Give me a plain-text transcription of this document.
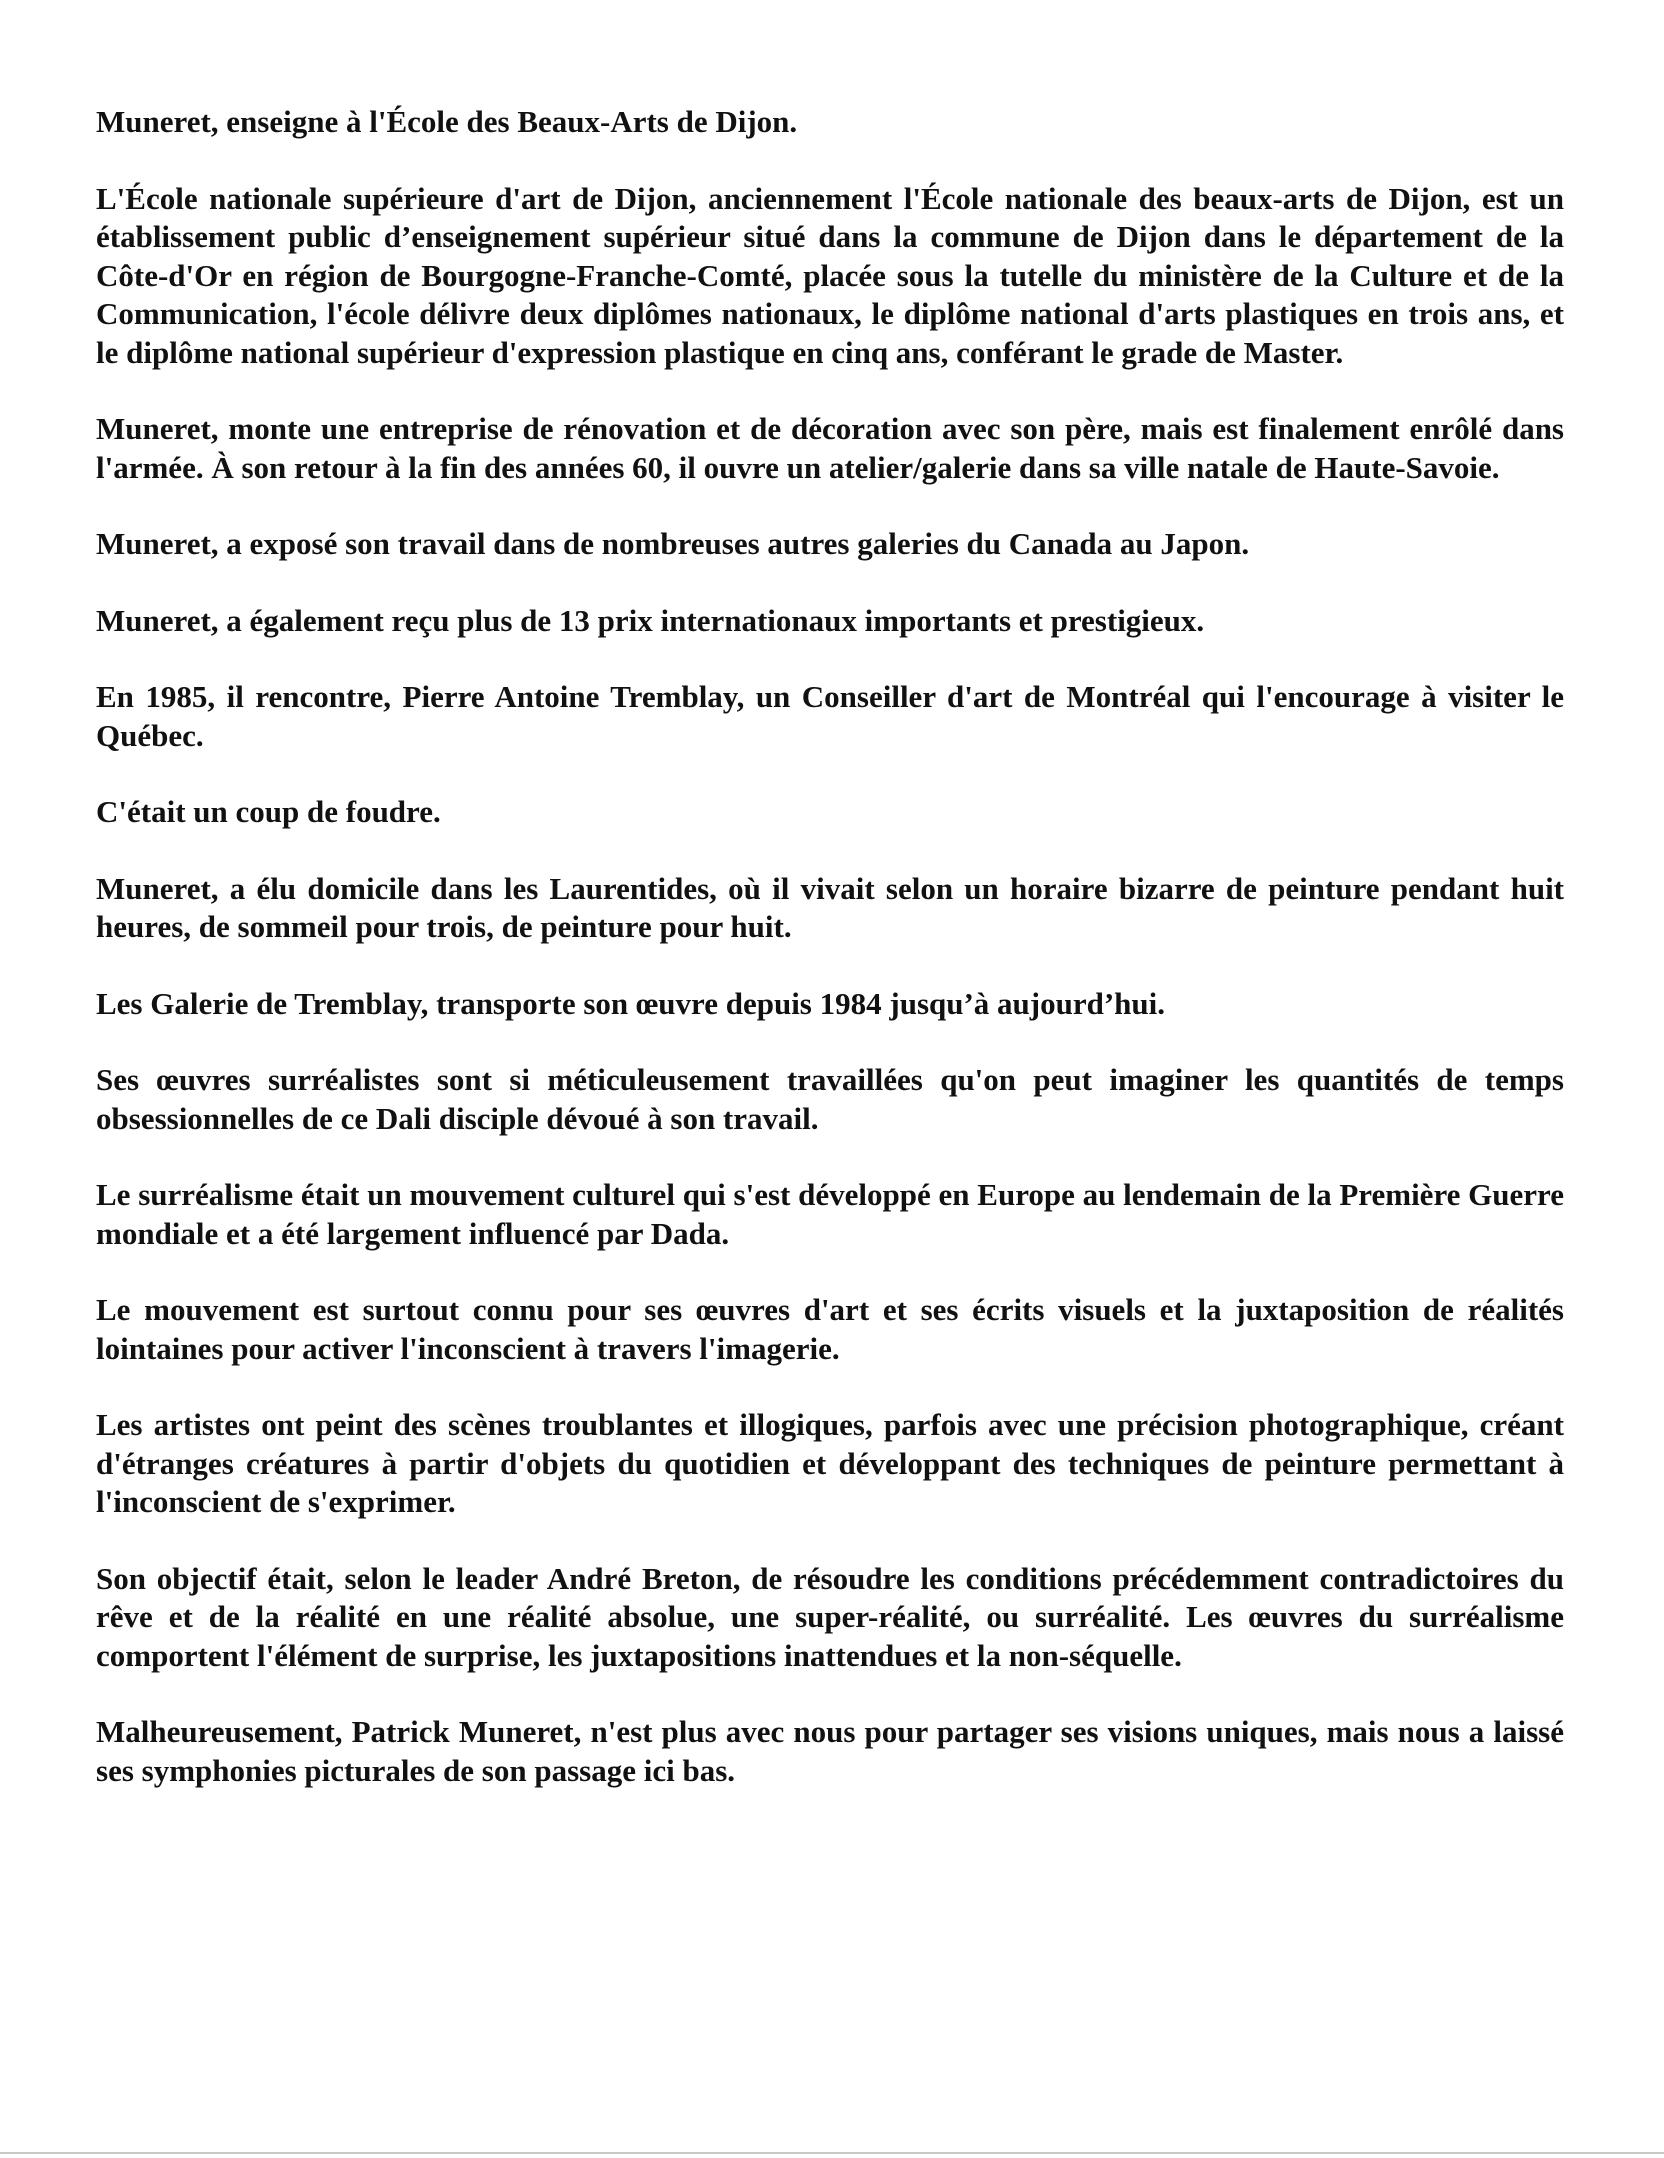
Muneret, enseigne à l'École des Beaux-Arts de Dijon.

L'École nationale supérieure d'art de Dijon, anciennement l'École nationale des beaux-arts de Dijon, est un établissement public d’enseignement supérieur situé dans la commune de Dijon dans le département de la Côte-d'Or en région de Bourgogne-Franche-Comté, placée sous la tutelle du ministère de la Culture et de la Communication, l'école délivre deux diplômes nationaux, le diplôme national d'arts plastiques en trois ans, et le diplôme national supérieur d'expression plastique en cinq ans, conférant le grade de Master.

Muneret, monte une entreprise de rénovation et de décoration avec son père, mais est finalement enrôlé dans l'armée. À son retour à la fin des années 60, il ouvre un atelier/galerie dans sa ville natale de Haute-Savoie.

Muneret, a exposé son travail dans de nombreuses autres galeries du Canada au Japon.

Muneret, a également reçu plus de 13 prix internationaux importants et prestigieux.

En 1985, il rencontre, Pierre Antoine Tremblay, un Conseiller d'art de Montréal qui l'encourage à visiter le Québec.

C'était un coup de foudre.

Muneret, a élu domicile dans les Laurentides, où il vivait selon un horaire bizarre de peinture pendant huit heures, de sommeil pour trois, de peinture pour huit.

Les Galerie de Tremblay, transporte son œuvre depuis 1984 jusqu’à aujourd’hui.

Ses œuvres surréalistes sont si méticuleusement travaillées qu'on peut imaginer les quantités de temps obsessionnelles de ce Dali disciple dévoué à son travail.

Le surréalisme était un mouvement culturel qui s'est développé en Europe au lendemain de la Première Guerre mondiale et a été largement influencé par Dada.

Le mouvement est surtout connu pour ses œuvres d'art et ses écrits visuels et la juxtaposition de réalités lointaines pour activer l'inconscient à travers l'imagerie.

Les artistes ont peint des scènes troublantes et illogiques, parfois avec une précision photographique, créant d'étranges créatures à partir d'objets du quotidien et développant des techniques de peinture permettant à l'inconscient de s'exprimer.

Son objectif était, selon le leader André Breton, de résoudre les conditions précédemment contradictoires du rêve et de la réalité en une réalité absolue, une super-réalité, ou surréalité. Les œuvres du surréalisme comportent l'élément de surprise, les juxtapositions inattendues et la non-séquelle.

Malheureusement, Patrick Muneret, n'est plus avec nous pour partager ses visions uniques, mais nous a laissé ses symphonies picturales de son passage ici bas.
